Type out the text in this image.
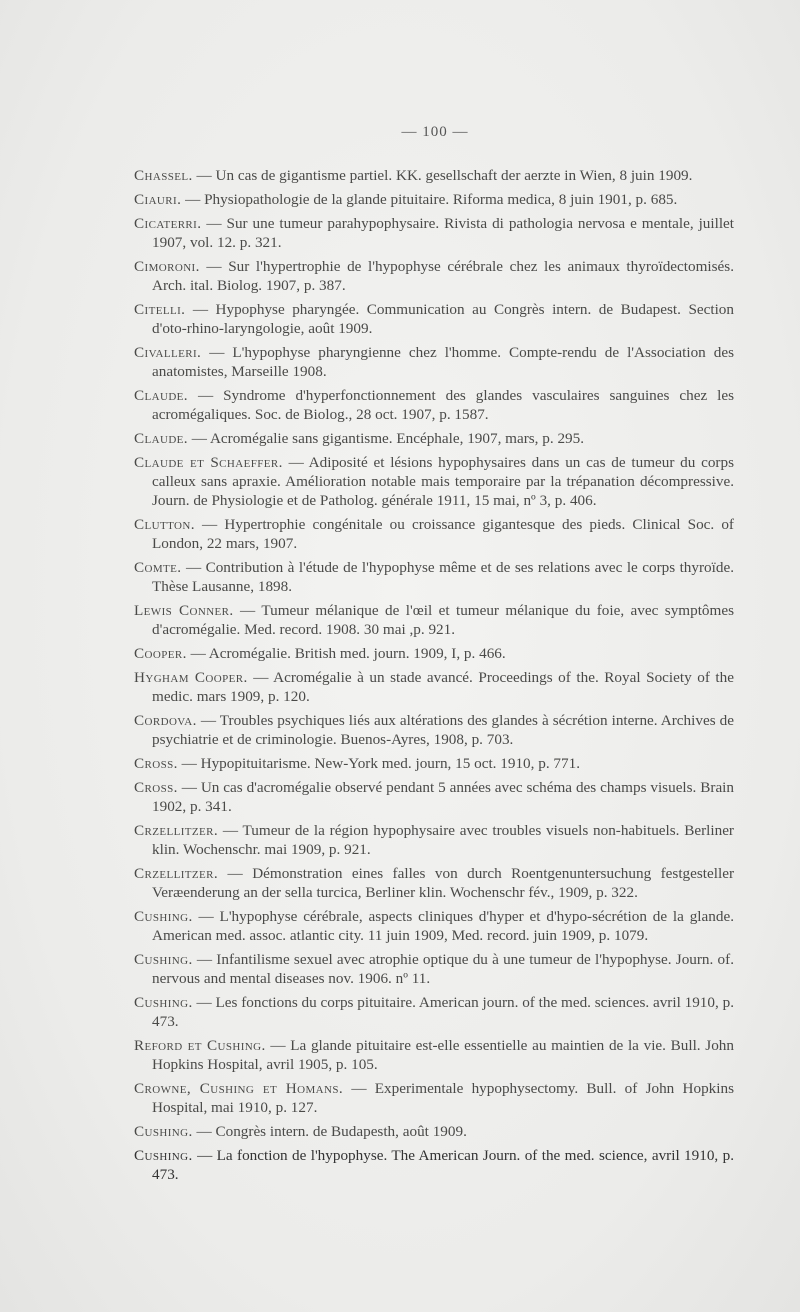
— 100 —

Chassel. — Un cas de gigantisme partiel. KK. gesellschaft der aerzte in Wien, 8 juin 1909.

Ciauri. — Physiopathologie de la glande pituitaire. Riforma medica, 8 juin 1901, p. 685.

Cicaterri. — Sur une tumeur parahypophysaire. Rivista di pathologia nervosa e mentale, juillet 1907, vol. 12. p. 321.

Cimoroni. — Sur l'hypertrophie de l'hypophyse cérébrale chez les animaux thyroïdectomisés. Arch. ital. Biolog. 1907, p. 387.

Citelli. — Hypophyse pharyngée. Communication au Congrès intern. de Budapest. Section d'oto-rhino-laryngologie, août 1909.

Civalleri. — L'hypophyse pharyngienne chez l'homme. Compte-rendu de l'Association des anatomistes, Marseille 1908.

Claude. — Syndrome d'hyperfonctionnement des glandes vasculaires sanguines chez les acromégaliques. Soc. de Biolog., 28 oct. 1907, p. 1587.

Claude. — Acromégalie sans gigantisme. Encéphale, 1907, mars, p. 295.

Claude et Schaeffer. — Adiposité et lésions hypophysaires dans un cas de tumeur du corps calleux sans apraxie. Amélioration notable mais temporaire par la trépanation décompressive. Journ. de Physiologie et de Patholog. générale 1911, 15 mai, nº 3, p. 406.

Clutton. — Hypertrophie congénitale ou croissance gigantesque des pieds. Clinical Soc. of London, 22 mars, 1907.

Comte. — Contribution à l'étude de l'hypophyse même et de ses relations avec le corps thyroïde. Thèse Lausanne, 1898.

Lewis Conner. — Tumeur mélanique de l'œil et tumeur mélanique du foie, avec symptômes d'acromégalie. Med. record. 1908. 30 mai ,p. 921.

Cooper. — Acromégalie. British med. journ. 1909, I, p. 466.

Hygham Cooper. — Acromégalie à un stade avancé. Proceedings of the. Royal Society of the medic. mars 1909, p. 120.

Cordova. — Troubles psychiques liés aux altérations des glandes à sécrétion interne. Archives de psychiatrie et de criminologie. Buenos-Ayres, 1908, p. 703.

Cross. — Hypopituitarisme. New-York med. journ, 15 oct. 1910, p. 771.

Cross. — Un cas d'acromégalie observé pendant 5 années avec schéma des champs visuels. Brain 1902, p. 341.

Crzellitzer. — Tumeur de la région hypophysaire avec troubles visuels non-habituels. Berliner klin. Wochenschr. mai 1909, p. 921.

Crzellitzer. — Démonstration eines falles von durch Roentgenuntersuchung festgesteller Veræenderung an der sella turcica, Berliner klin. Wochenschr fév., 1909, p. 322.

Cushing. — L'hypophyse cérébrale, aspects cliniques d'hyper et d'hypo-sécrétion de la glande. American med. assoc. atlantic city. 11 juin 1909, Med. record. juin 1909, p. 1079.

Cushing. — Infantilisme sexuel avec atrophie optique du à une tumeur de l'hypophyse. Journ. of. nervous and mental diseases nov. 1906. nº 11.

Cushing. — Les fonctions du corps pituitaire. American journ. of the med. sciences. avril 1910, p. 473.

Reford et Cushing. — La glande pituitaire est-elle essentielle au maintien de la vie. Bull. John Hopkins Hospital, avril 1905, p. 105.

Crowne, Cushing et Homans. — Experimentale hypophysectomy. Bull. of John Hopkins Hospital, mai 1910, p. 127.

Cushing. — Congrès intern. de Budapesth, août 1909.

Cushing. — La fonction de l'hypophyse. The American Journ. of the med. science, avril 1910, p. 473.
